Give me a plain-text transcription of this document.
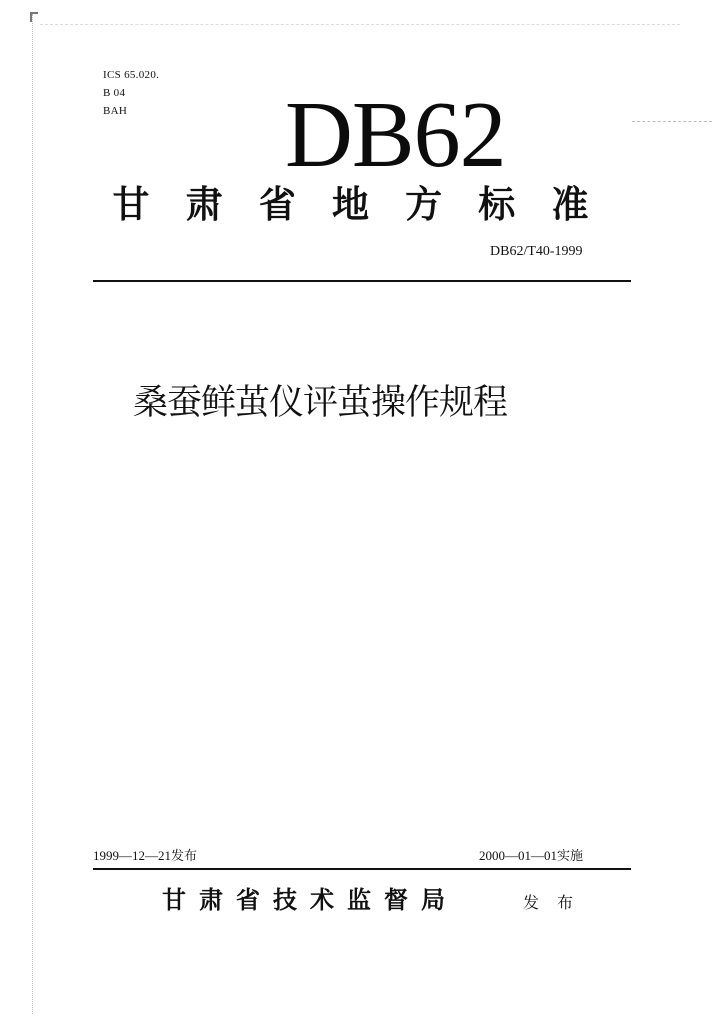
ICS 65.020.
B 04
BAH	DB62
甘 肃 省 地 方 标 准
DB62/T40-1999
桑蚕鲜茧仪评茧操作规程
1999—12—21发布	2000—01—01实施
甘肃省技术监督局	发布
